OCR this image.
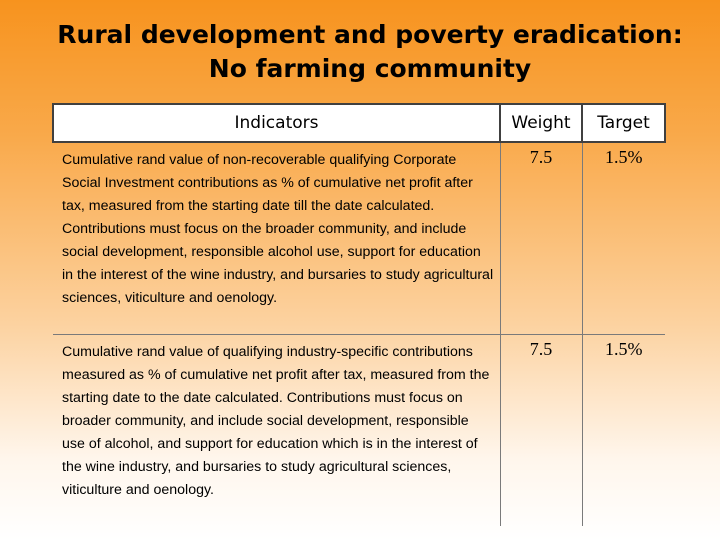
Rural development and poverty eradication:
No farming community
Indicators	Weight	Target
Cumulative rand value of non-recoverable qualifying Corporate Social Investment contributions as % of cumulative net profit after tax, measured from the starting date till the date calculated. Contributions must focus on the broader community, and include social development, responsible alcohol use, support for education in the interest of the wine industry, and bursaries to study agricultural sciences, viticulture and oenology.	7.5	1.5%
Cumulative rand value of qualifying industry-specific contributions measured as % of cumulative net profit after tax, measured from the starting date to the date calculated. Contributions must focus on broader community, and include social development, responsible use of alcohol, and support for education which is in the interest of the wine industry, and bursaries to study agricultural sciences, viticulture and oenology.	7.5	1.5%
